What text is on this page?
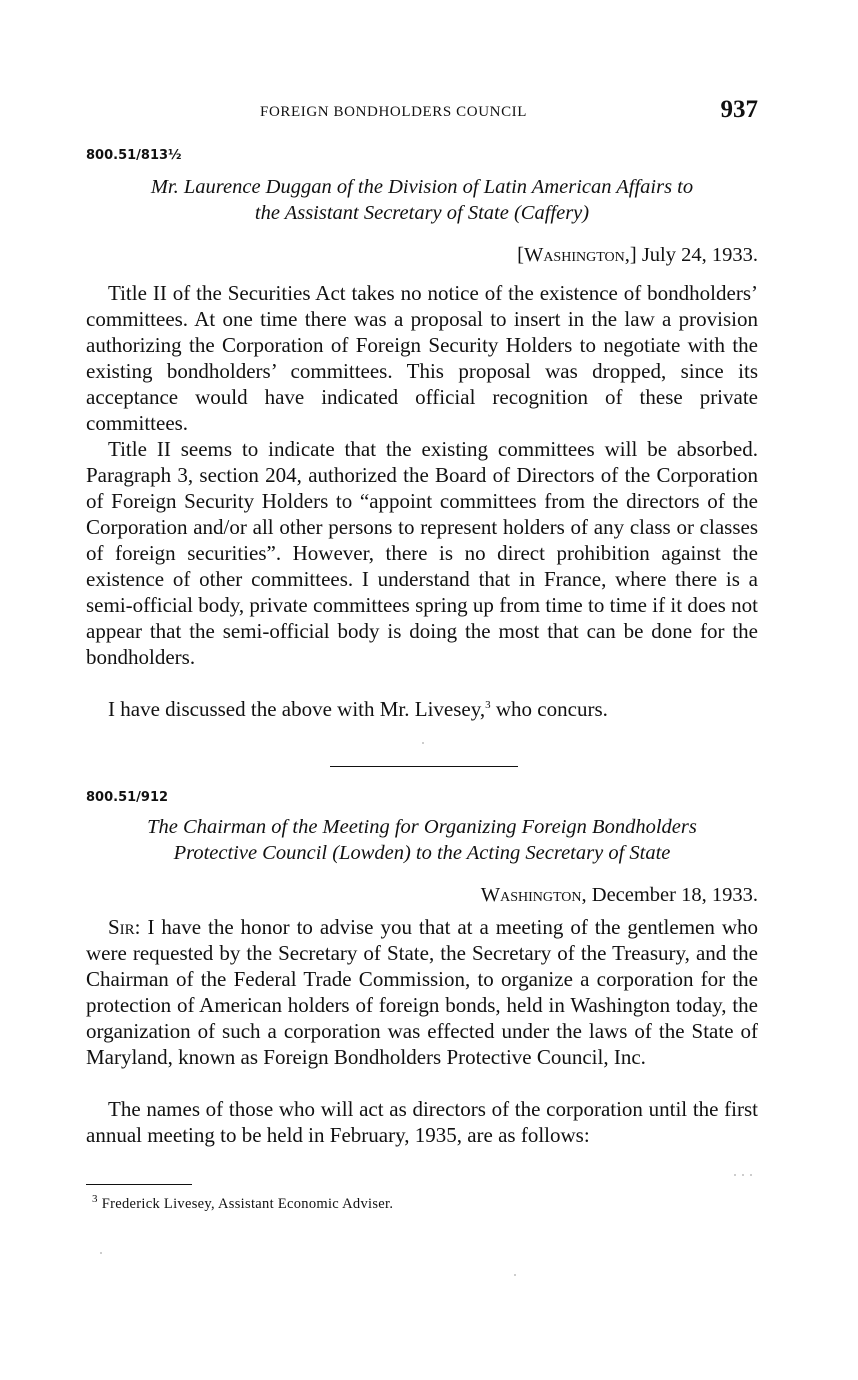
FOREIGN BONDHOLDERS COUNCIL	937
800.51/813½
Mr. Laurence Duggan of the Division of Latin American Affairs to
the Assistant Secretary of State (Caffery)
[Washington,] July 24, 1933.

Title II of the Securities Act takes no notice of the existence of bondholders’ committees. At one time there was a proposal to insert in the law a provision authorizing the Corporation of Foreign Security Holders to negotiate with the existing bondholders’ committees. This proposal was dropped, since its acceptance would have indicated official recognition of these private committees.

Title II seems to indicate that the existing committees will be absorbed. Paragraph 3, section 204, authorized the Board of Directors of the Corporation of Foreign Security Holders to “appoint committees from the directors of the Corporation and/or all other persons to represent holders of any class or classes of foreign securities”. However, there is no direct prohibition against the existence of other committees. I understand that in France, where there is a semi-official body, private committees spring up from time to time if it does not appear that the semi-official body is doing the most that can be done for the bondholders.

I have discussed the above with Mr. Livesey,$^3$ who concurs.

800.51/912
The Chairman of the Meeting for Organizing Foreign Bondholders
Protective Council (Lowden) to the Acting Secretary of State
Washington, December 18, 1933.

Sir: I have the honor to advise you that at a meeting of the gentlemen who were requested by the Secretary of State, the Secretary of the Treasury, and the Chairman of the Federal Trade Commission, to organize a corporation for the protection of American holders of foreign bonds, held in Washington today, the organization of such a corporation was effected under the laws of the State of Maryland, known as Foreign Bondholders Protective Council, Inc.

The names of those who will act as directors of the corporation until the first annual meeting to be held in February, 1935, are as follows:

$^3$ Frederick Livesey, Assistant Economic Adviser.
